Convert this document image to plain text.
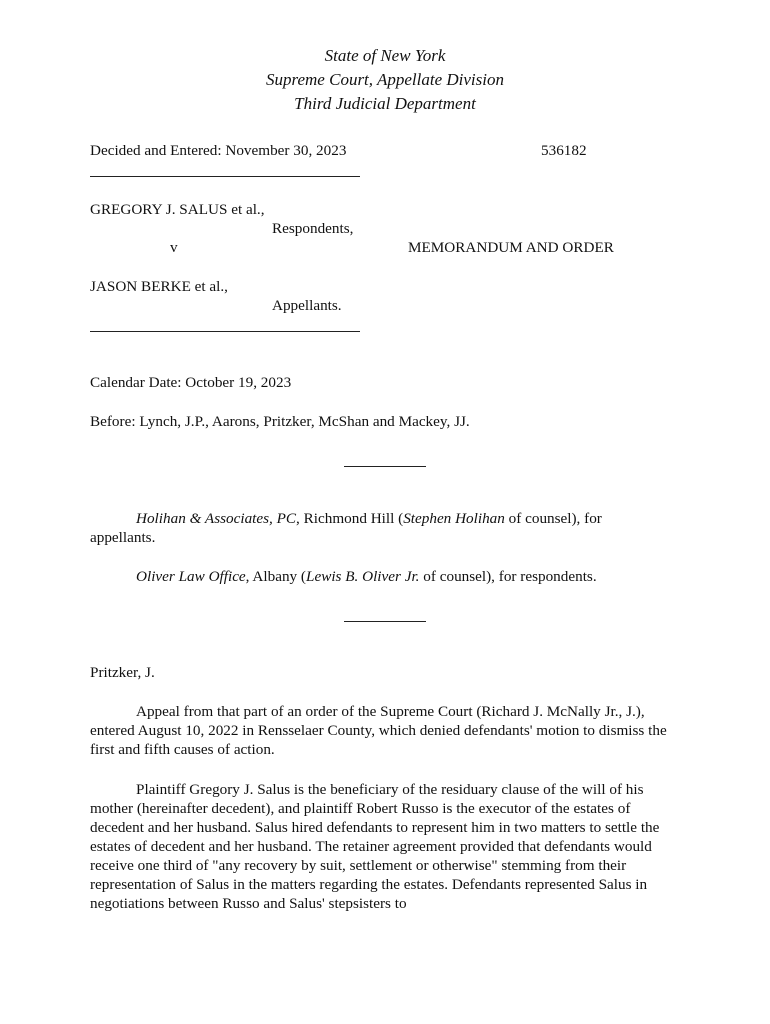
State of New York
Supreme Court, Appellate Division
Third Judicial Department
Decided and Entered: November 30, 2023	536182
GREGORY J. SALUS et al.,
Respondents,
v	MEMORANDUM AND ORDER
JASON BERKE et al.,
Appellants.
Calendar Date: October 19, 2023
Before: Lynch, J.P., Aarons, Pritzker, McShan and Mackey, JJ.
Holihan & Associates, PC, Richmond Hill (Stephen Holihan of counsel), for appellants.
Oliver Law Office, Albany (Lewis B. Oliver Jr. of counsel), for respondents.
Pritzker, J.
Appeal from that part of an order of the Supreme Court (Richard J. McNally Jr., J.), entered August 10, 2022 in Rensselaer County, which denied defendants' motion to dismiss the first and fifth causes of action.
Plaintiff Gregory J. Salus is the beneficiary of the residuary clause of the will of his mother (hereinafter decedent), and plaintiff Robert Russo is the executor of the estates of decedent and her husband. Salus hired defendants to represent him in two matters to settle the estates of decedent and her husband. The retainer agreement provided that defendants would receive one third of "any recovery by suit, settlement or otherwise" stemming from their representation of Salus in the matters regarding the estates. Defendants represented Salus in negotiations between Russo and Salus' stepsisters to
